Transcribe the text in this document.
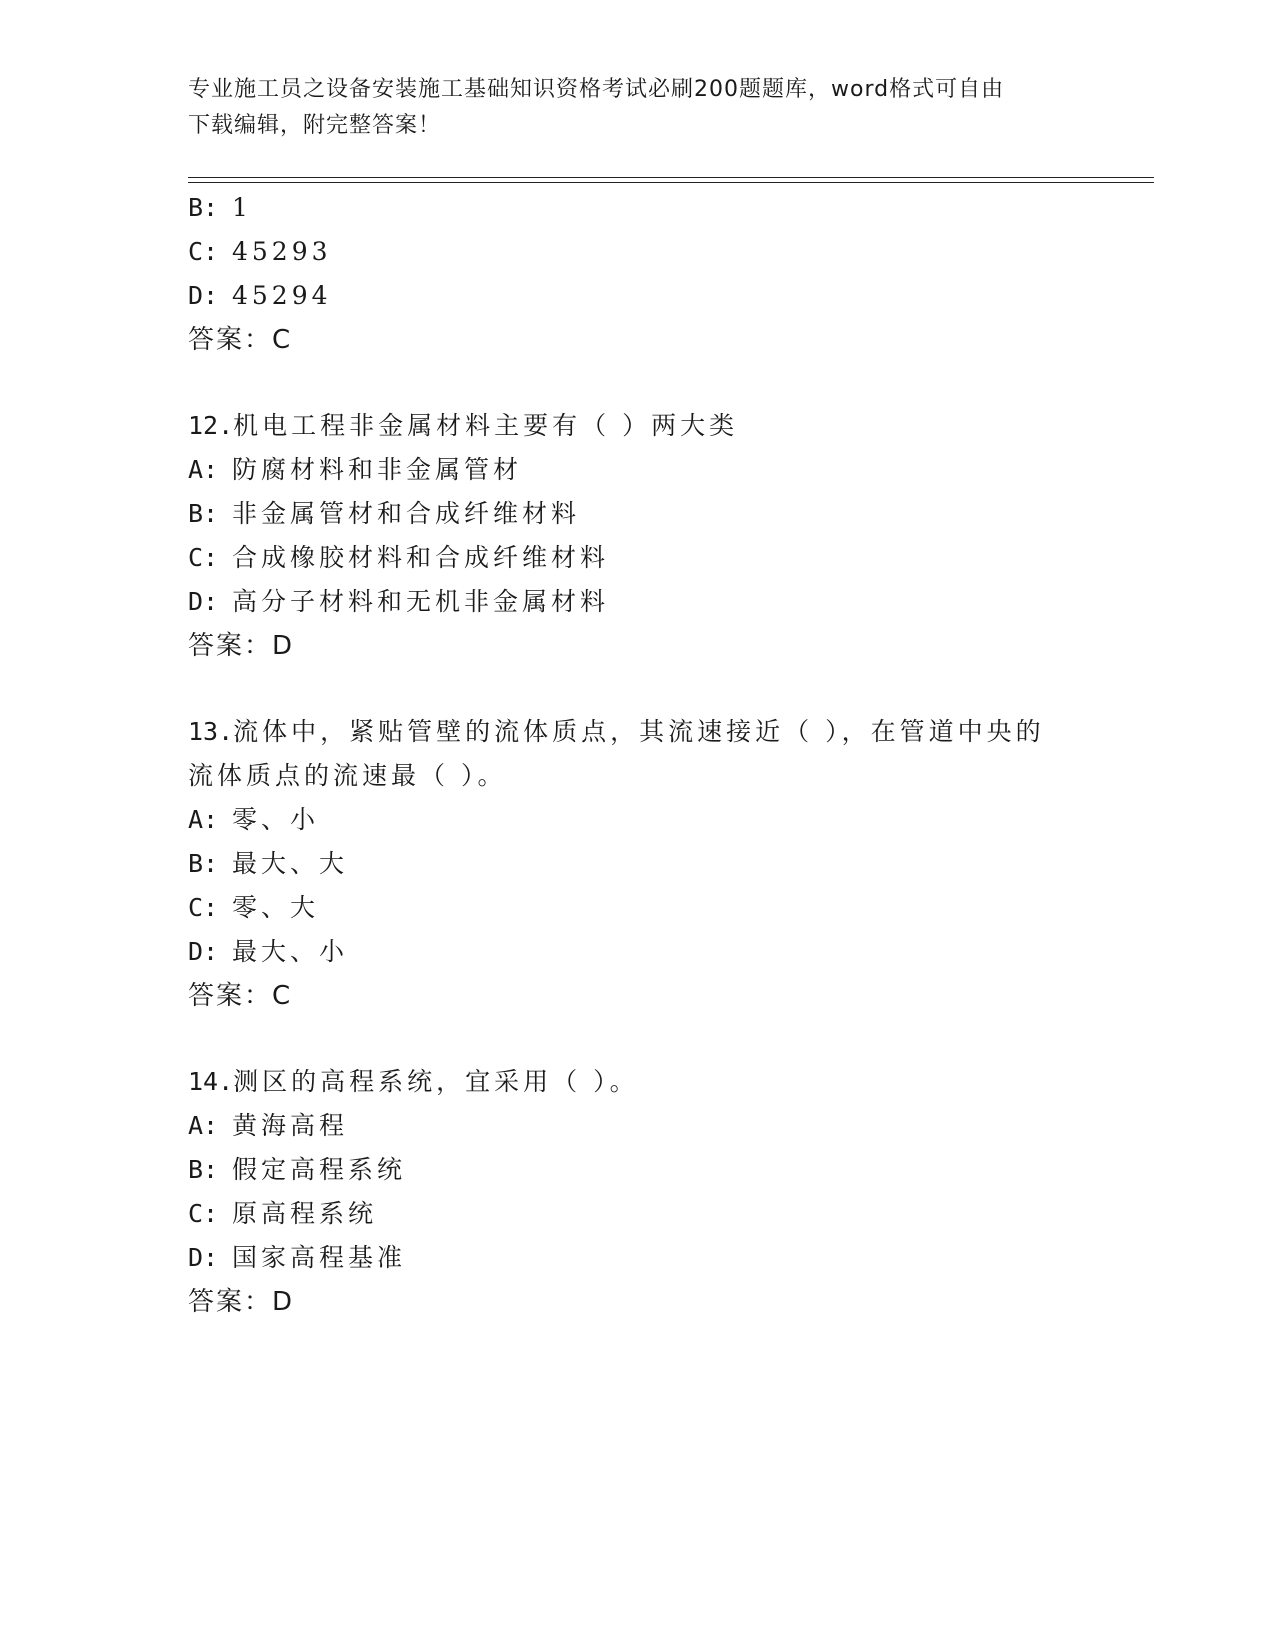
专业施工员之设备安装施工基础知识资格考试必刷200题题库，word格式可自由
下载编辑，附完整答案！
B: 1
C: 45293
D: 45294
答案：C
12.机电工程非金属材料主要有（ ）两大类
A: 防腐材料和非金属管材
B: 非金属管材和合成纤维材料
C: 合成橡胶材料和合成纤维材料
D: 高分子材料和无机非金属材料
答案：D
13.流体中，紧贴管壁的流体质点，其流速接近（ ），在管道中央的
流体质点的流速最（ ）。
A: 零、小
B: 最大、大
C: 零、大
D: 最大、小
答案：C
14.测区的高程系统，宜采用（ ）。
A: 黄海高程
B: 假定高程系统
C: 原高程系统
D: 国家高程基准
答案：D
